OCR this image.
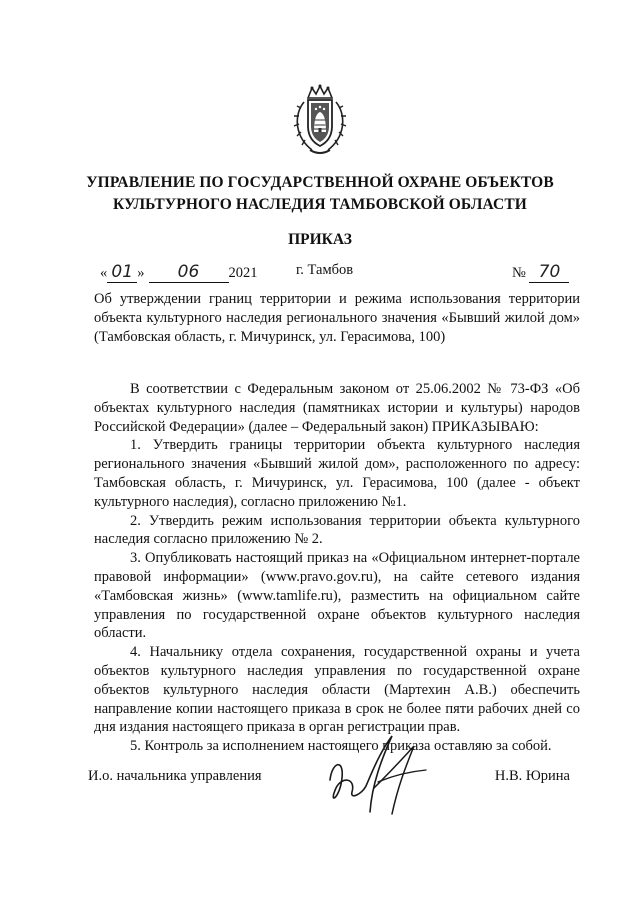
УПРАВЛЕНИЕ ПО ГОСУДАРСТВЕННОЙ ОХРАНЕ ОБЪЕКТОВ
КУЛЬТУРНОГО НАСЛЕДИЯ ТАМБОВСКОЙ ОБЛАСТИ
ПРИКАЗ
« 01 » 06 2021	г. Тамбов	№ 70
Об утверждении границ территории и режима использования территории объекта культурного наследия регионального значения «Бывший жилой дом» (Тамбовская область, г. Мичуринск, ул. Герасимова, 100)

В соответствии с Федеральным законом от 25.06.2002 № 73-ФЗ «Об объектах культурного наследия (памятниках истории и культуры) народов Российской Федерации» (далее – Федеральный закон) ПРИКАЗЫВАЮ:

1. Утвердить границы территории объекта культурного наследия регионального значения «Бывший жилой дом», расположенного по адресу: Тамбовская область, г. Мичуринск, ул. Герасимова, 100 (далее - объект культурного наследия), согласно приложению №1.

2. Утвердить режим использования территории объекта культурного наследия согласно приложению № 2.

3. Опубликовать настоящий приказ на «Официальном интернет-портале правовой информации» (www.pravo.gov.ru), на сайте сетевого издания «Тамбовская жизнь» (www.tamlife.ru), разместить на официальном сайте управления по государственной охране объектов культурного наследия области.

4. Начальнику отдела сохранения, государственной охраны и учета объектов культурного наследия управления по государственной охране объектов культурного наследия области (Мартехин А.В.) обеспечить направление копии настоящего приказа в срок не более пяти рабочих дней со дня издания настоящего приказа в орган регистрации прав.

5. Контроль за исполнением настоящего приказа оставляю за собой.

И.о. начальника управления	Н.В. Юрина
